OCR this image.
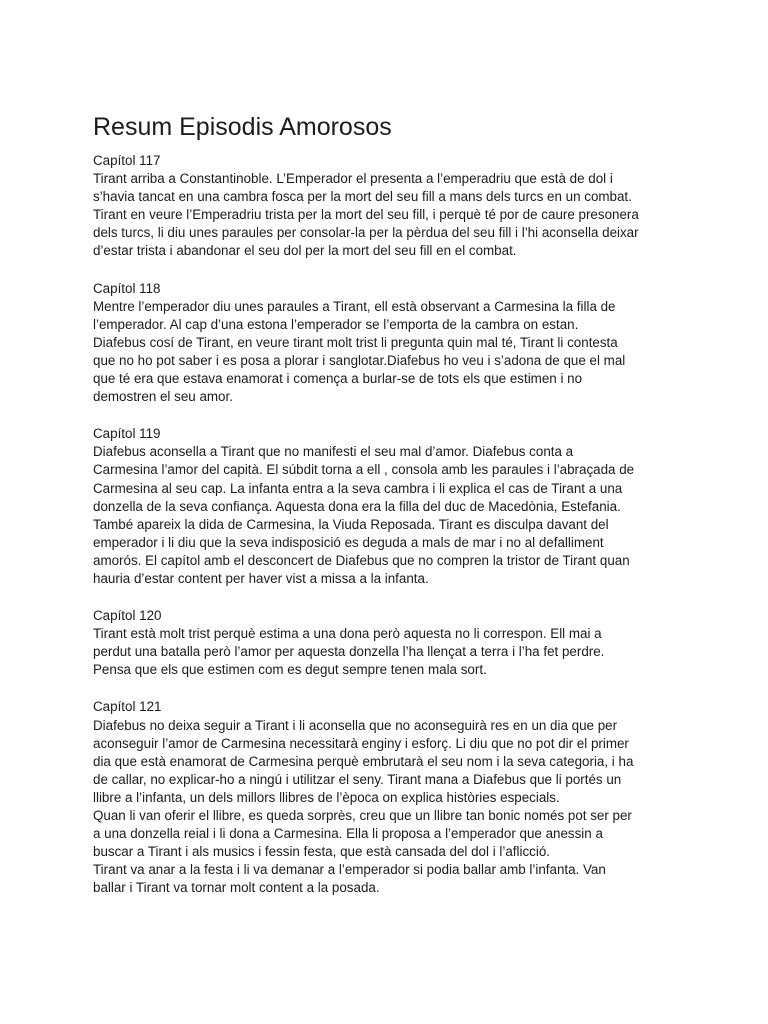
Resum Episodis Amorosos

Capítol 117

Tirant arriba a Constantinoble. L’Emperador el presenta a l’emperadriu que està de dol i
s’havia tancat en una cambra fosca per la mort del seu fill a mans dels turcs en un combat.
Tirant en veure l’Emperadriu trista per la mort del seu fill, i perquè té por de caure presonera
dels turcs, li diu unes paraules per consolar-la per la pèrdua del seu fill i l’hi aconsella deixar
d’estar trista i abandonar el seu dol per la mort del seu fill en el combat.

Capítol 118

Mentre l’emperador diu unes paraules a Tirant, ell està observant a Carmesina la filla de
l’emperador. Al cap d’una estona l’emperador se l’emporta de la cambra on estan.
Diafebus cosí de Tirant, en veure tirant molt trist li pregunta quin mal té, Tirant li contesta
que no ho pot saber i es posa a plorar i sanglotar.Diafebus ho veu i s’adona de que el mal
que té era que estava enamorat i comença a burlar-se de tots els que estimen i no
demostren el seu amor.

Capítol 119

Diafebus aconsella a Tirant que no manifesti el seu mal d’amor. Diafebus conta a
Carmesina l’amor del capità. El súbdit torna a ell , consola amb les paraules i l’abraçada de
Carmesina al seu cap. La infanta entra a la seva cambra i li explica el cas de Tirant a una
donzella de la seva confiança. Aquesta dona era la filla del duc de Macedònia, Estefania.
També apareix la dida de Carmesina, la Viuda Reposada. Tirant es disculpa davant del
emperador i li diu que la seva indisposició es deguda a mals de mar i no al defalliment
amorós. El capítol amb el desconcert de Diafebus que no compren la tristor de Tirant quan
hauria d’estar content per haver vist a missa a la infanta.

Capítol 120

Tirant està molt trist perquè estima a una dona però aquesta no li correspon. Ell mai a
perdut una batalla però l’amor per aquesta donzella l’ha llençat a terra i l’ha fet perdre.
Pensa que els que estimen com es degut sempre tenen mala sort.

Capítol 121

Diafebus no deixa seguir a Tirant i li aconsella que no aconseguirà res en un dia que per
aconseguir l’amor de Carmesina necessitarà enginy i esforç. Li diu que no pot dir el primer
dia que està enamorat de Carmesina perquè embrutarà el seu nom i la seva categoria, i ha
de callar, no explicar-ho a ningú i utilitzar el seny. Tirant mana a Diafebus que li portés un
llibre a l’infanta, un dels millors llibres de l’època on explica històries especials.

Quan li van oferir el llibre, es queda sorprès, creu que un llibre tan bonic només pot ser per
a una donzella reial i li dona a Carmesina. Ella li proposa a l’emperador que anessin a
buscar a Tirant i als musics i fessin festa, que està cansada del dol i l’aflicció.

Tirant va anar a la festa i li va demanar a l’emperador si podia ballar amb l’infanta. Van
ballar i Tirant va tornar molt content a la posada.
